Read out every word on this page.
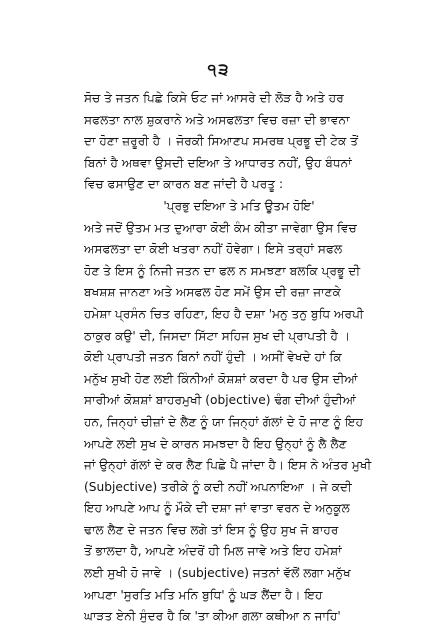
੧੩
ਸੋਚ ਤੇ ਜਤਨ ਪਿਛੇ ਕਿਸੇ ਓਟ ਜਾਂ ਆਸਰੇ ਦੀ ਲੋੜ ਹੈ ਅਤੇ ਹਰ
ਸਫਲਤਾ ਨਾਲ ਸ਼ੁਕਰਾਨੇ ਅਤੇ ਅਸਫਲਤਾ ਵਿਚ ਰਜ਼ਾ ਦੀ ਭਾਵਨਾ
ਦਾ ਹੋਣਾ ਜ਼ਰੂਰੀ ਹੈ । ਜੋਰਕੀ ਸਿਆਣਪ ਸਮਰਥ ਪ੍ਰਭੂ ਦੀ ਟੇਕ ਤੋਂ
ਬਿਨਾਂ ਹੈ ਅਥਵਾ ਉਸਦੀ ਦਇਆ ਤੇ ਆਧਾਰਤ ਨਹੀਂ, ਉਹ ਬੰਧਨਾਂ
ਵਿਚ ਫਸਾਉਣ ਦਾ ਕਾਰਨ ਬਣ ਜਾਂਦੀ ਹੈ ਪਰਤੂ :
'ਪ੍ਰਭੁ ਦਇਆ ਤੇ ਮਤਿ ਊਤਮ ਹੋਇ'
ਅਤੇ ਜਦੋਂ ਉਤਮ ਮਤ ਦੁਆਰਾ ਕੋਈ ਕੰਮ ਕੀਤਾ ਜਾਵੇਗਾ ਉਸ ਵਿਚ
ਅਸਫਲਤਾ ਦਾ ਕੋਈ ਖਤਰਾ ਨਹੀਂ ਹੋਵੇਗਾ। ਇਸੇ ਤਰ੍ਹਾਂ ਸਫਲ
ਹੋਣ ਤੇ ਇਸ ਨੂੰ ਨਿਜੀ ਜਤਨ ਦਾ ਫਲ ਨ ਸਮਝਣਾ ਬਲਕਿ ਪ੍ਰਭੂ ਦੀ
ਬਖਸ਼ਸ਼ ਜਾਨਣਾ ਅਤੇ ਅਸਫਲ ਹੋਣ ਸਮੇਂ ਉਸ ਦੀ ਰਜ਼ਾ ਜਾਣਕੇ
ਹਮੇਸ਼ਾ ਪ੍ਰਸੰਨ ਚਿਤ ਰਹਿਣਾ, ਇਹ ਹੈ ਦਸ਼ਾ 'ਮਨੁ ਤਨੁ ਬੁਧਿ ਅਰਪੀ
ਠਾਕੁਰ ਕਉ' ਦੀ, ਜਿਸਦਾ ਸਿੱਟਾ ਸਹਿਜ ਸੁਖ ਦੀ ਪ੍ਰਾਪਤੀ ਹੈ ।
ਕੋਈ ਪ੍ਰਾਪਤੀ ਜਤਨ ਬਿਨਾਂ ਨਹੀਂ ਹੁੰਦੀ । ਅਸੀਂ ਵੇਖਦੇ ਹਾਂ ਕਿ
ਮਨੁੱਖ ਸੁਖੀ ਹੋਣ ਲਈ ਕਿੰਨੀਆਂ ਕੋਸ਼ਸ਼ਾਂ ਕਰਦਾ ਹੈ ਪਰ ਉਸ ਦੀਆਂ
ਸਾਰੀਆਂ ਕੋਸ਼ਸ਼ਾਂ ਬਾਹਰਮੁਖੀ (objective) ਢੰਗ ਦੀਆਂ ਹੁੰਦੀਆਂ
ਹਨ, ਜਿਨ੍ਹਾਂ ਚੀਜ਼ਾਂ ਦੇ ਲੈਣ ਨੂੰ ਯਾ ਜਿਨ੍ਹਾਂ ਗੱਲਾਂ ਦੇ ਹੋ ਜਾਣ ਨੂੰ ਇਹ
ਆਪਣੇ ਲਈ ਸੁਖ ਦੇ ਕਾਰਨ ਸਮਝਦਾ ਹੈ ਇਹ ਉਨ੍ਹਾਂ ਨੂੰ ਲੈ ਲੈਣ
ਜਾਂ ਉਨ੍ਹਾਂ ਗੱਲਾਂ ਦੇ ਕਰ ਲੈਣ ਪਿਛੇ ਪੈ ਜਾਂਦਾ ਹੈ। ਇਸ ਨੇ ਅੰਤਰ ਮੁਖੀ
(Subjective) ਤਰੀਕੇ ਨੂੰ ਕਦੀ ਨਹੀਂ ਅਪਨਾਇਆ । ਜੇ ਕਦੀ
ਇਹ ਆਪਣੇ ਆਪ ਨੂੰ ਮੌਕੇ ਦੀ ਦਸ਼ਾ ਜਾਂ ਵਾਤਾ ਵਰਨ ਦੇ ਅਨੁਕੂਲ
ਢਾਲ ਲੈਣ ਦੇ ਜਤਨ ਵਿਚ ਲਗੇ ਤਾਂ ਇਸ ਨੂੰ ਉਹ ਸੁਖ ਜੋ ਬਾਹਰ
ਤੋਂ ਭਾਲਦਾ ਹੈ, ਆਪਣੇ ਅੰਦਰੋਂ ਹੀ ਮਿਲ ਜਾਵੇ ਅਤੇ ਇਹ ਹਮੇਸ਼ਾਂ
ਲਈ ਸੁਖੀ ਹੋ ਜਾਵੇ । (subjective) ਜਤਨਾਂ ਵੱਲੋਂ ਲਗਾ ਮਨੁੱਖ
ਆਪਣਾ 'ਸੁਰਤਿ ਮਤਿ ਮਨਿ ਬੁਧਿ' ਨੂੰ ਘੜ ਲੈਂਦਾ ਹੈ। ਇਹ
ਘਾੜਤ ਏਨੀ ਸੁੰਦਰ ਹੈ ਕਿ 'ਤਾ ਕੀਆ ਗਲਾ ਕਥੀਆ ਨ ਜਾਹਿ'
